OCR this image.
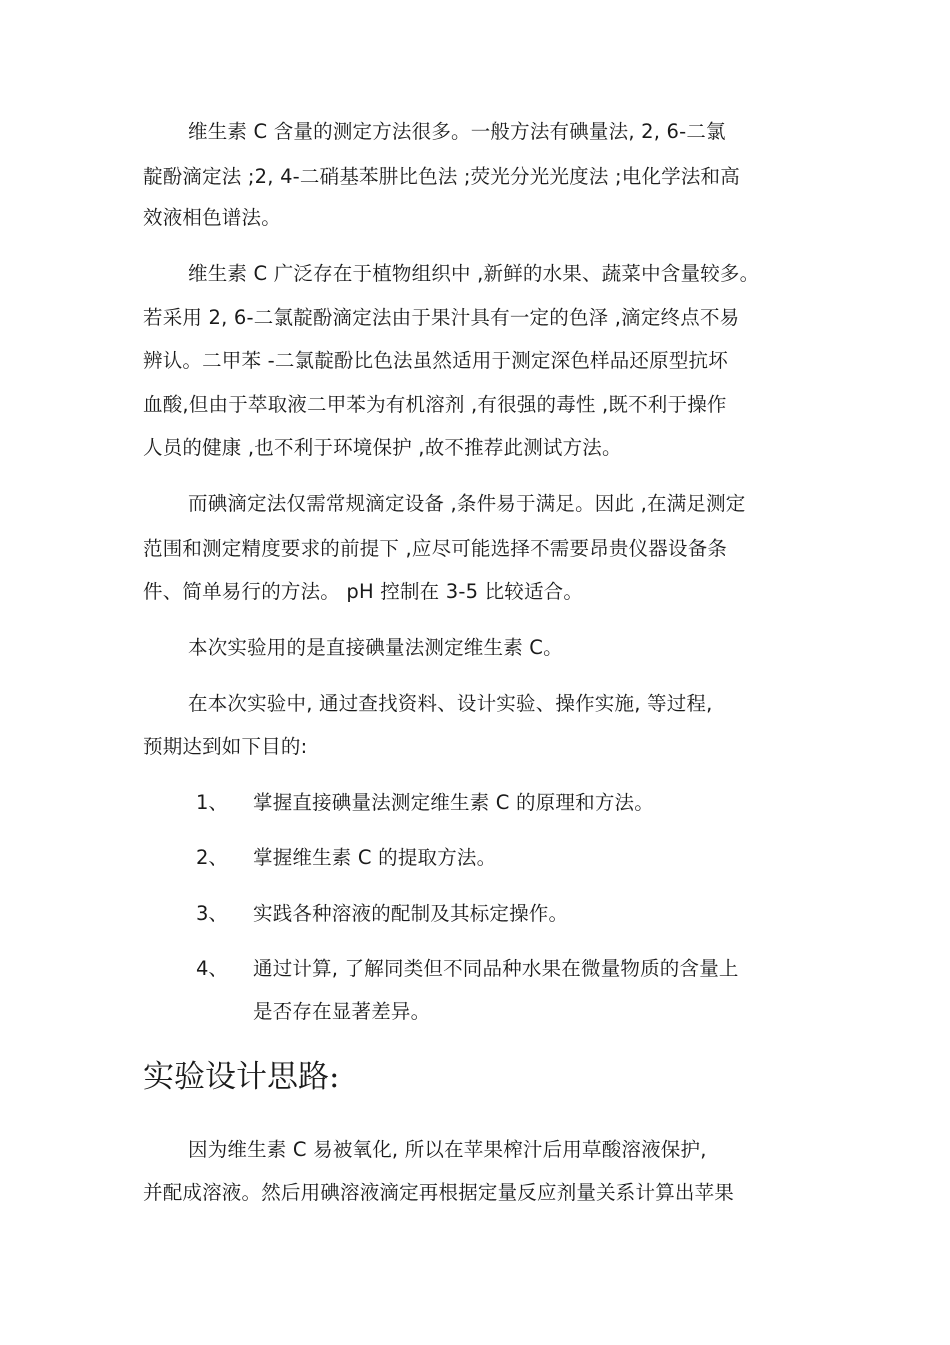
维生素 C 含量的测定方法很多。一般方法有碘量法, 2, 6-二氯
靛酚滴定法 ;2, 4-二硝基苯肼比色法 ;荧光分光光度法 ;电化学法和高
效液相色谱法。
维生素 C 广泛存在于植物组织中 ,新鲜的水果、蔬菜中含量较多。
若采用 2, 6-二氯靛酚滴定法由于果汁具有一定的色泽 ,滴定终点不易
辨认。二甲苯 -二氯靛酚比色法虽然适用于测定深色样品还原型抗坏
血酸,但由于萃取液二甲苯为有机溶剂 ,有很强的毒性 ,既不利于操作
人员的健康 ,也不利于环境保护 ,故不推荐此测试方法。
而碘滴定法仅需常规滴定设备 ,条件易于满足。因此 ,在满足测定
范围和测定精度要求的前提下 ,应尽可能选择不需要昂贵仪器设备条
件、简单易行的方法。 pH 控制在 3-5 比较适合。
本次实验用的是直接碘量法测定维生素 C。
在本次实验中, 通过查找资料、设计实验、操作实施, 等过程,
预期达到如下目的:
1、 掌握直接碘量法测定维生素 C 的原理和方法。
2、 掌握维生素 C 的提取方法。
3、 实践各种溶液的配制及其标定操作。
4、 通过计算, 了解同类但不同品种水果在微量物质的含量上
是否存在显著差异。
实验设计思路:
因为维生素 C 易被氧化, 所以在苹果榨汁后用草酸溶液保护,
并配成溶液。然后用碘溶液滴定再根据定量反应剂量关系计算出苹果
